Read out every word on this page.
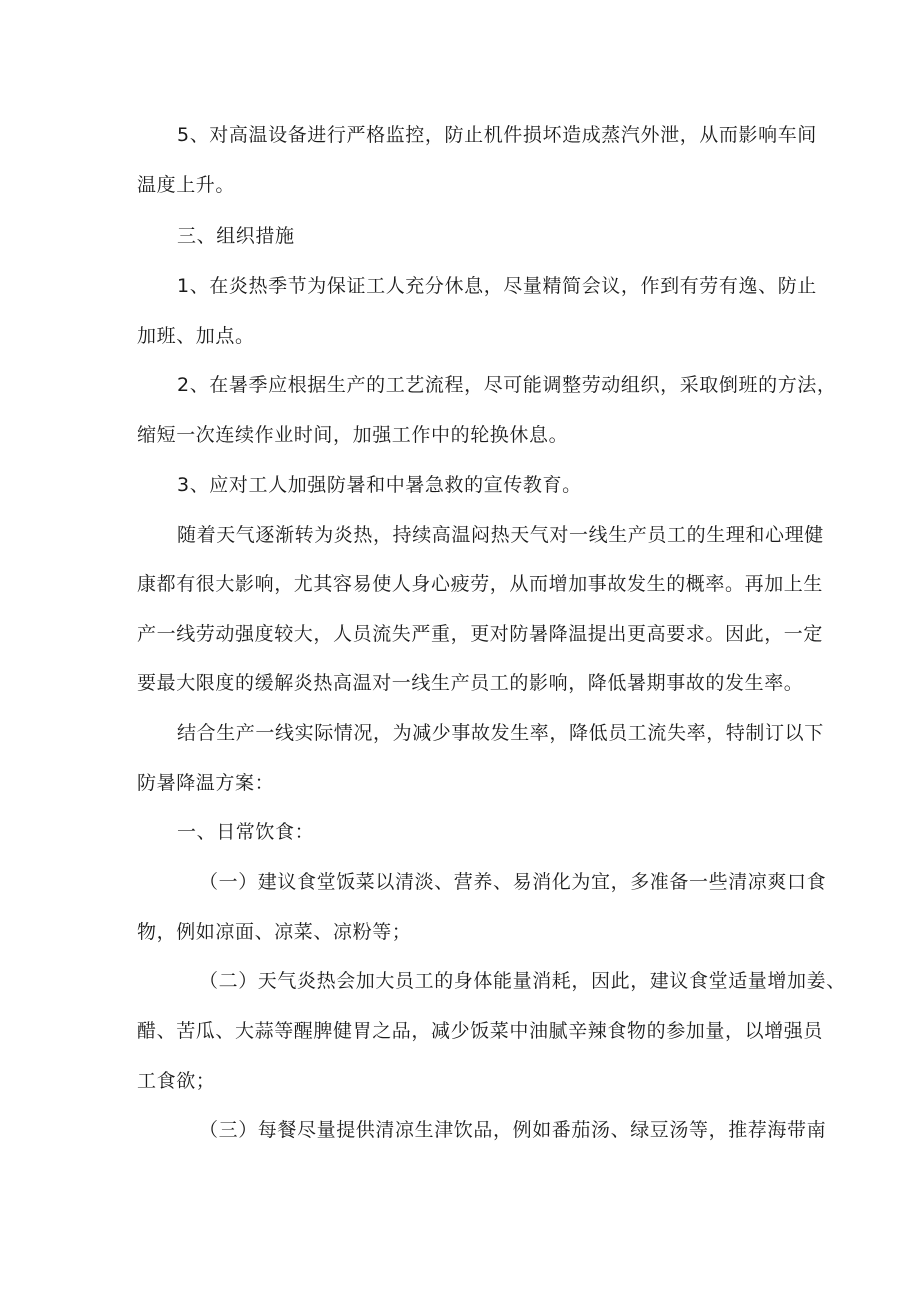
5、对高温设备进行严格监控，防止机件损坏造成蒸汽外泄，从而影响车间
温度上升。
三、组织措施
1、在炎热季节为保证工人充分休息，尽量精简会议，作到有劳有逸、防止
加班、加点。
2、在暑季应根据生产的工艺流程，尽可能调整劳动组织，采取倒班的方法，
缩短一次连续作业时间，加强工作中的轮换休息。
3、应对工人加强防暑和中暑急救的宣传教育。
随着天气逐渐转为炎热，持续高温闷热天气对一线生产员工的生理和心理健
康都有很大影响，尤其容易使人身心疲劳，从而增加事故发生的概率。再加上生
产一线劳动强度较大，人员流失严重，更对防暑降温提出更高要求。因此，一定
要最大限度的缓解炎热高温对一线生产员工的影响，降低暑期事故的发生率。
结合生产一线实际情况，为减少事故发生率，降低员工流失率，特制订以下
防暑降温方案：
一、日常饮食：
（一）建议食堂饭菜以清淡、营养、易消化为宜，多准备一些清凉爽口食
物，例如凉面、凉菜、凉粉等；
（二）天气炎热会加大员工的身体能量消耗，因此，建议食堂适量增加姜、
醋、苦瓜、大蒜等醒脾健胃之品，减少饭菜中油腻辛辣食物的参加量，以增强员
工食欲；
（三）每餐尽量提供清凉生津饮品，例如番茄汤、绿豆汤等，推荐海带南
